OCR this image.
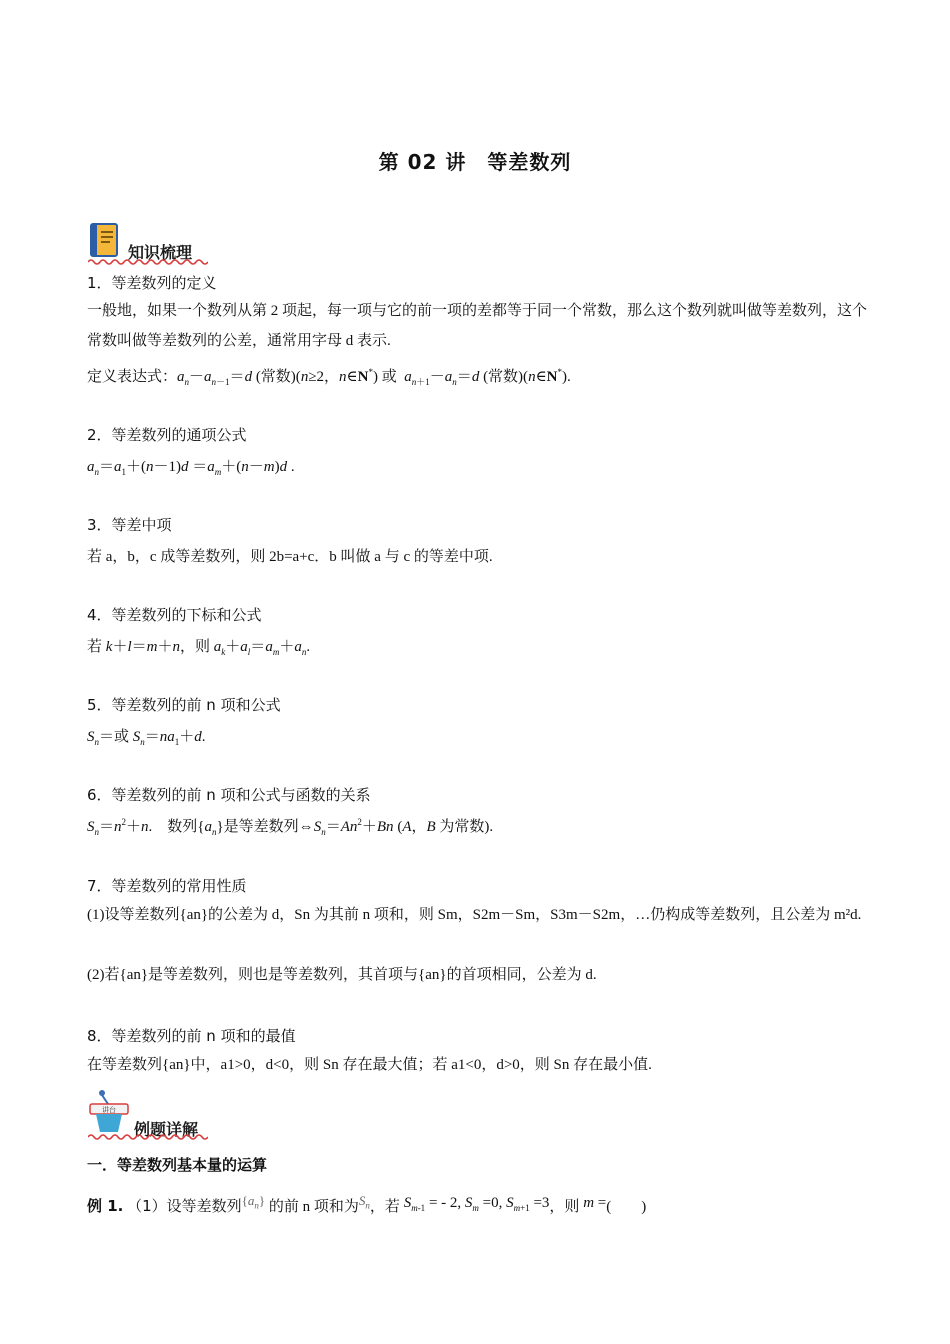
第 02 讲　等差数列
知识梳理
1．等差数列的定义
一般地，如果一个数列从第 2 项起，每一项与它的前一项的差都等于同一个常数，那么这个数列就叫做等差数列，这个常数叫做等差数列的公差，通常用字母 d 表示.
定义表达式：$a_n-a_{n-1}=d$ (常数)(n≥2，n∈N*) 或 $a_{n+1}-a_n=d$ (常数)(n∈N*).
2．等差数列的通项公式
$a_n=a_1+(n-1)d =a_m+(n-m)d$ .
3．等差中项
若 a，b，c 成等差数列，则 2b=a+c．b 叫做 a 与 c 的等差中项.
4．等差数列的下标和公式
若 k＋l＝m＋n，则 $a_k+a_l=a_m+a_n$.
5．等差数列的前 n 项和公式
$S_n=$或 $S_n=na_1+d$.
6．等差数列的前 n 项和公式与函数的关系
$S_n=n^2+n$.　数列$\{a_n\}$是等差数列$\Leftrightarrow S_n=An^2+Bn$ (A，B 为常数).
7．等差数列的常用性质
(1)设等差数列{an}的公差为 d，Sn 为其前 n 项和，则 Sm，S2m－Sm，S3m－S2m，…仍构成等差数列，且公差为 m²d.
(2)若{an}是等差数列，则也是等差数列，其首项与{an}的首项相同，公差为 d.
8．等差数列的前 n 项和的最值
在等差数列{an}中，a1>0，d<0，则 Sn 存在最大值；若 a1<0，d>0，则 Sn 存在最小值.
讲台
例题详解
一．等差数列基本量的运算
例 1. （1）设等差数列$\{a_n\}$ 的前 n 项和为$S_n$，若 $S_{m-1}$ = - 2, $S_m =0$, $S_{m+1} =3$，则 m =(　　)
